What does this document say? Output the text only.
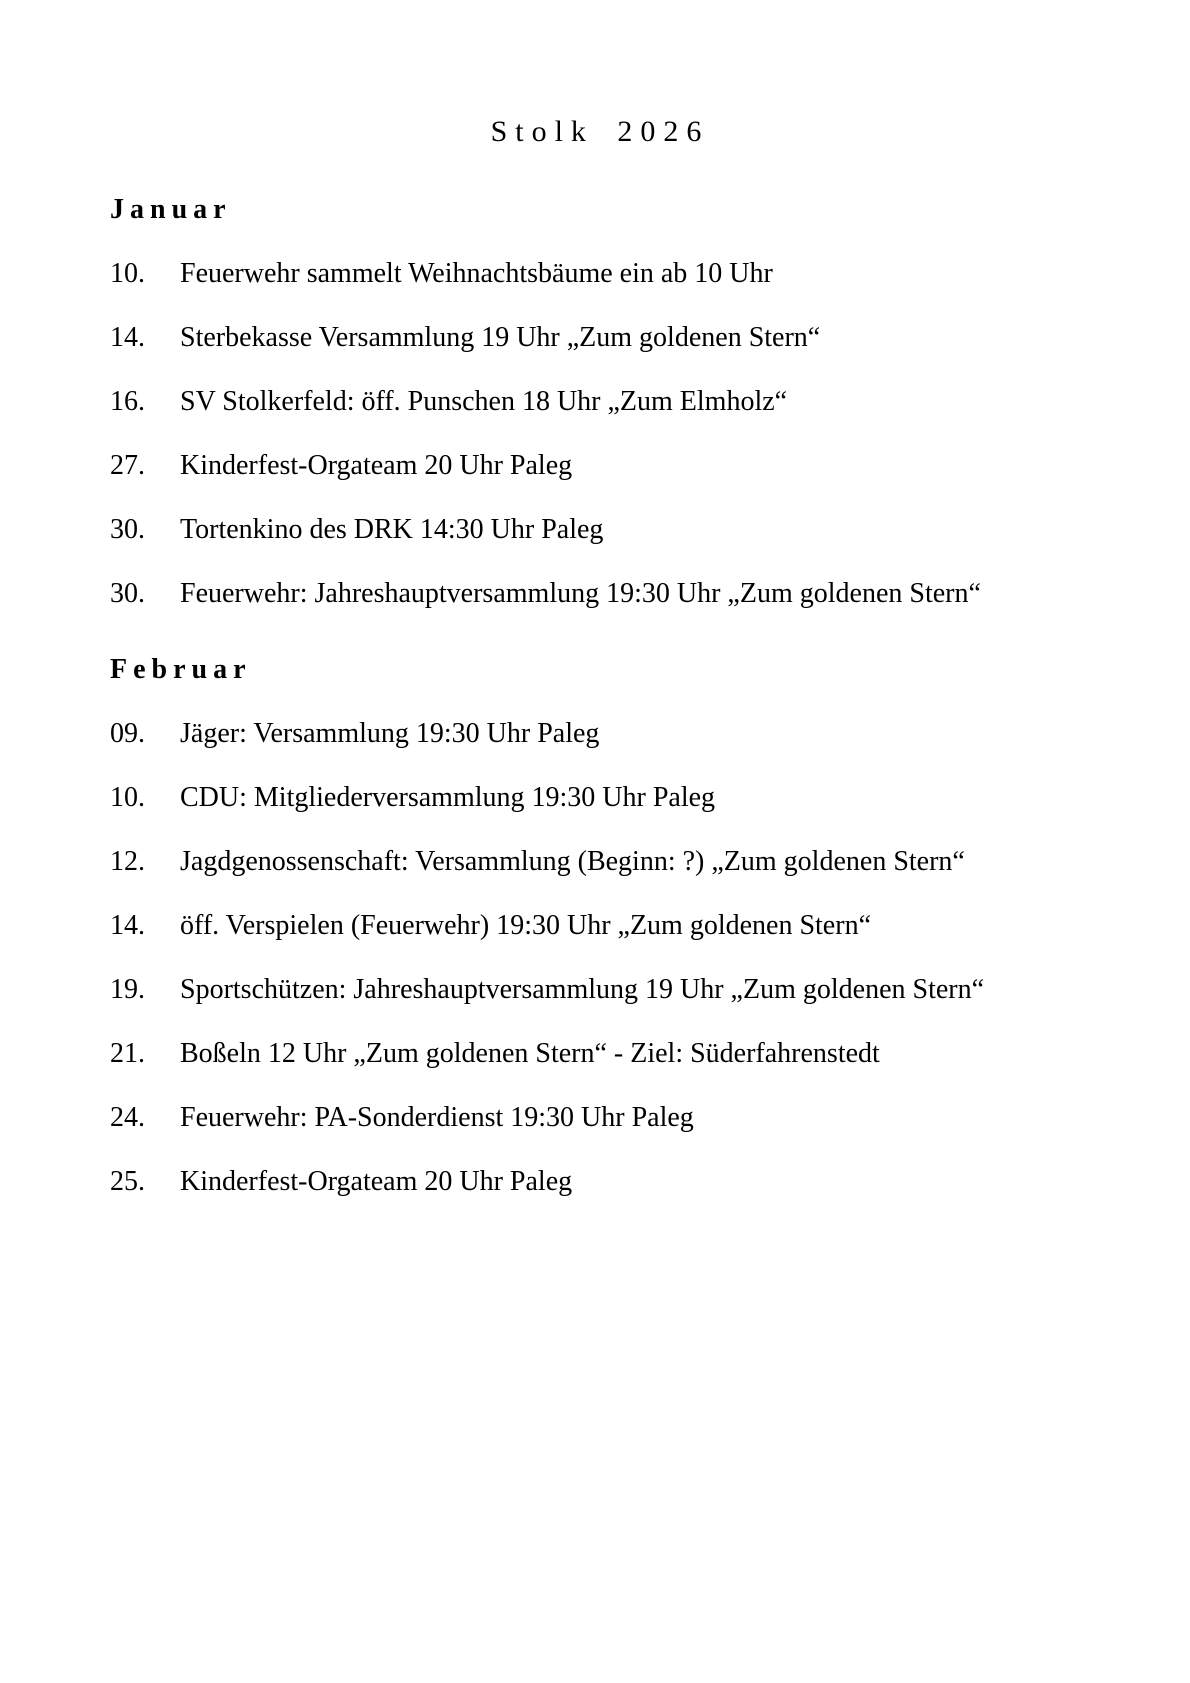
Stolk 2026
Januar
10.	Feuerwehr sammelt Weihnachtsbäume ein ab 10 Uhr
14.	Sterbekasse Versammlung 19 Uhr „Zum goldenen Stern“
16.	SV Stolkerfeld: öff. Punschen 18 Uhr „Zum Elmholz“
27.	Kinderfest-Orgateam 20 Uhr Paleg
30.	Tortenkino des DRK 14:30 Uhr Paleg
30.	Feuerwehr: Jahreshauptversammlung 19:30 Uhr „Zum goldenen Stern“
Februar
09.	Jäger: Versammlung 19:30 Uhr Paleg
10.	CDU: Mitgliederversammlung 19:30 Uhr Paleg
12.	Jagdgenossenschaft: Versammlung (Beginn: ?) „Zum goldenen Stern“
14.	öff. Verspielen (Feuerwehr) 19:30 Uhr „Zum goldenen Stern“
19.	Sportschützen: Jahreshauptversammlung 19 Uhr „Zum goldenen Stern“
21.	Boßeln 12 Uhr „Zum goldenen Stern“ - Ziel: Süderfahrenstedt
24.	Feuerwehr: PA-Sonderdienst 19:30 Uhr Paleg
25.	Kinderfest-Orgateam 20 Uhr Paleg
